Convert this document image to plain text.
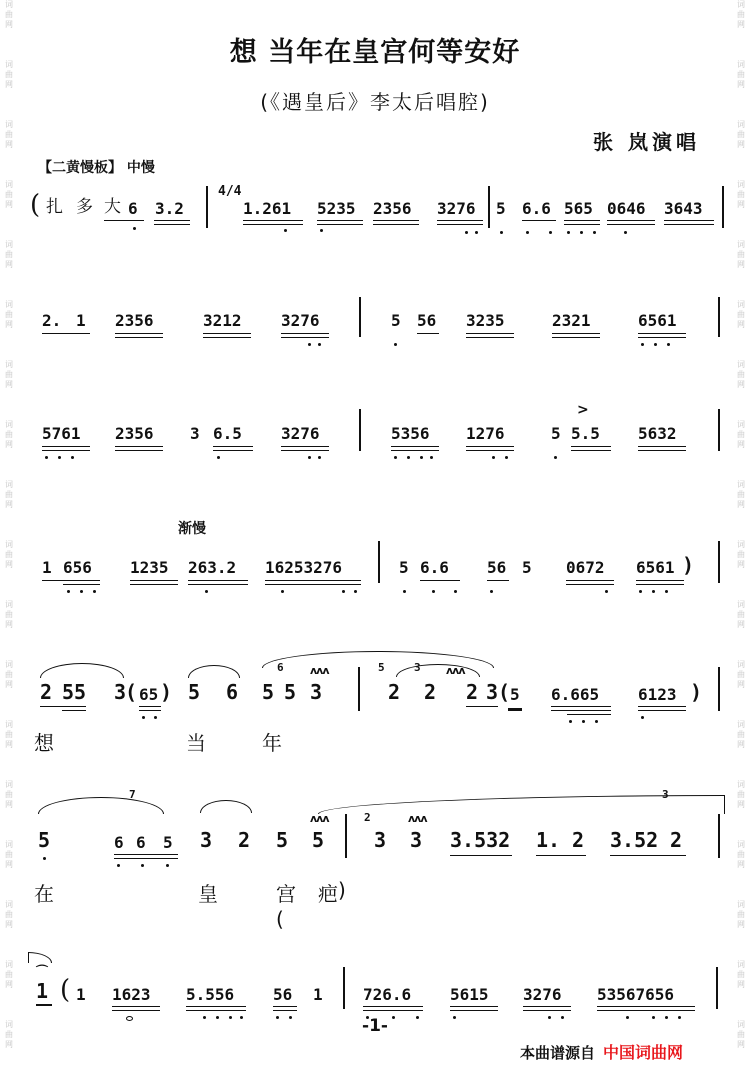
词曲网
词曲网
词曲网
词曲网
词曲网
词曲网
词曲网
词曲网
词曲网
词曲网
词曲网
词曲网
词曲网
词曲网
词曲网
词曲网
词曲网
词曲网
词曲网
词曲网
词曲网
词曲网
词曲网
词曲网
词曲网
词曲网
词曲网
词曲网
词曲网
词曲网
词曲网
词曲网
词曲网
词曲网
词曲网
词曲网
想 当年在皇宫何等安好
(《遇皇后》李太后唱腔)
张 岚演唱
【二黄慢板】 中慢
渐慢
( 扎 多 大 6 3.2
4/4
1.261 5235 2356 3276 5 6.6 565 0646 3643
2. 1 2356	3212 3276	5 56 3235	2321	6561
5761 2356 3 6.5 3276	5356 1276	5 5.5 5632
>
1 656 1235 263.2 16253276	5 6.6 56 5 0672 6561 )
2 55 3
( 65 ) 5 6
6
5 5
ʌʌʌ
3
5
2
3 ʌʌʌ
2 2 3 ( 5 6.665 6123 )
想	当	年
5
7
6 6 5 3 2 5
ʌʌʌ
5
2
3
ʌʌʌ
3 3.532 1. 2 3.52
3
2
在	皇	宫(
疤 )
⌒
1 ( 1 1623 5.556 56 1	726.6 5615 3276 53567656
-1-
本曲谱源自 中国词曲网
